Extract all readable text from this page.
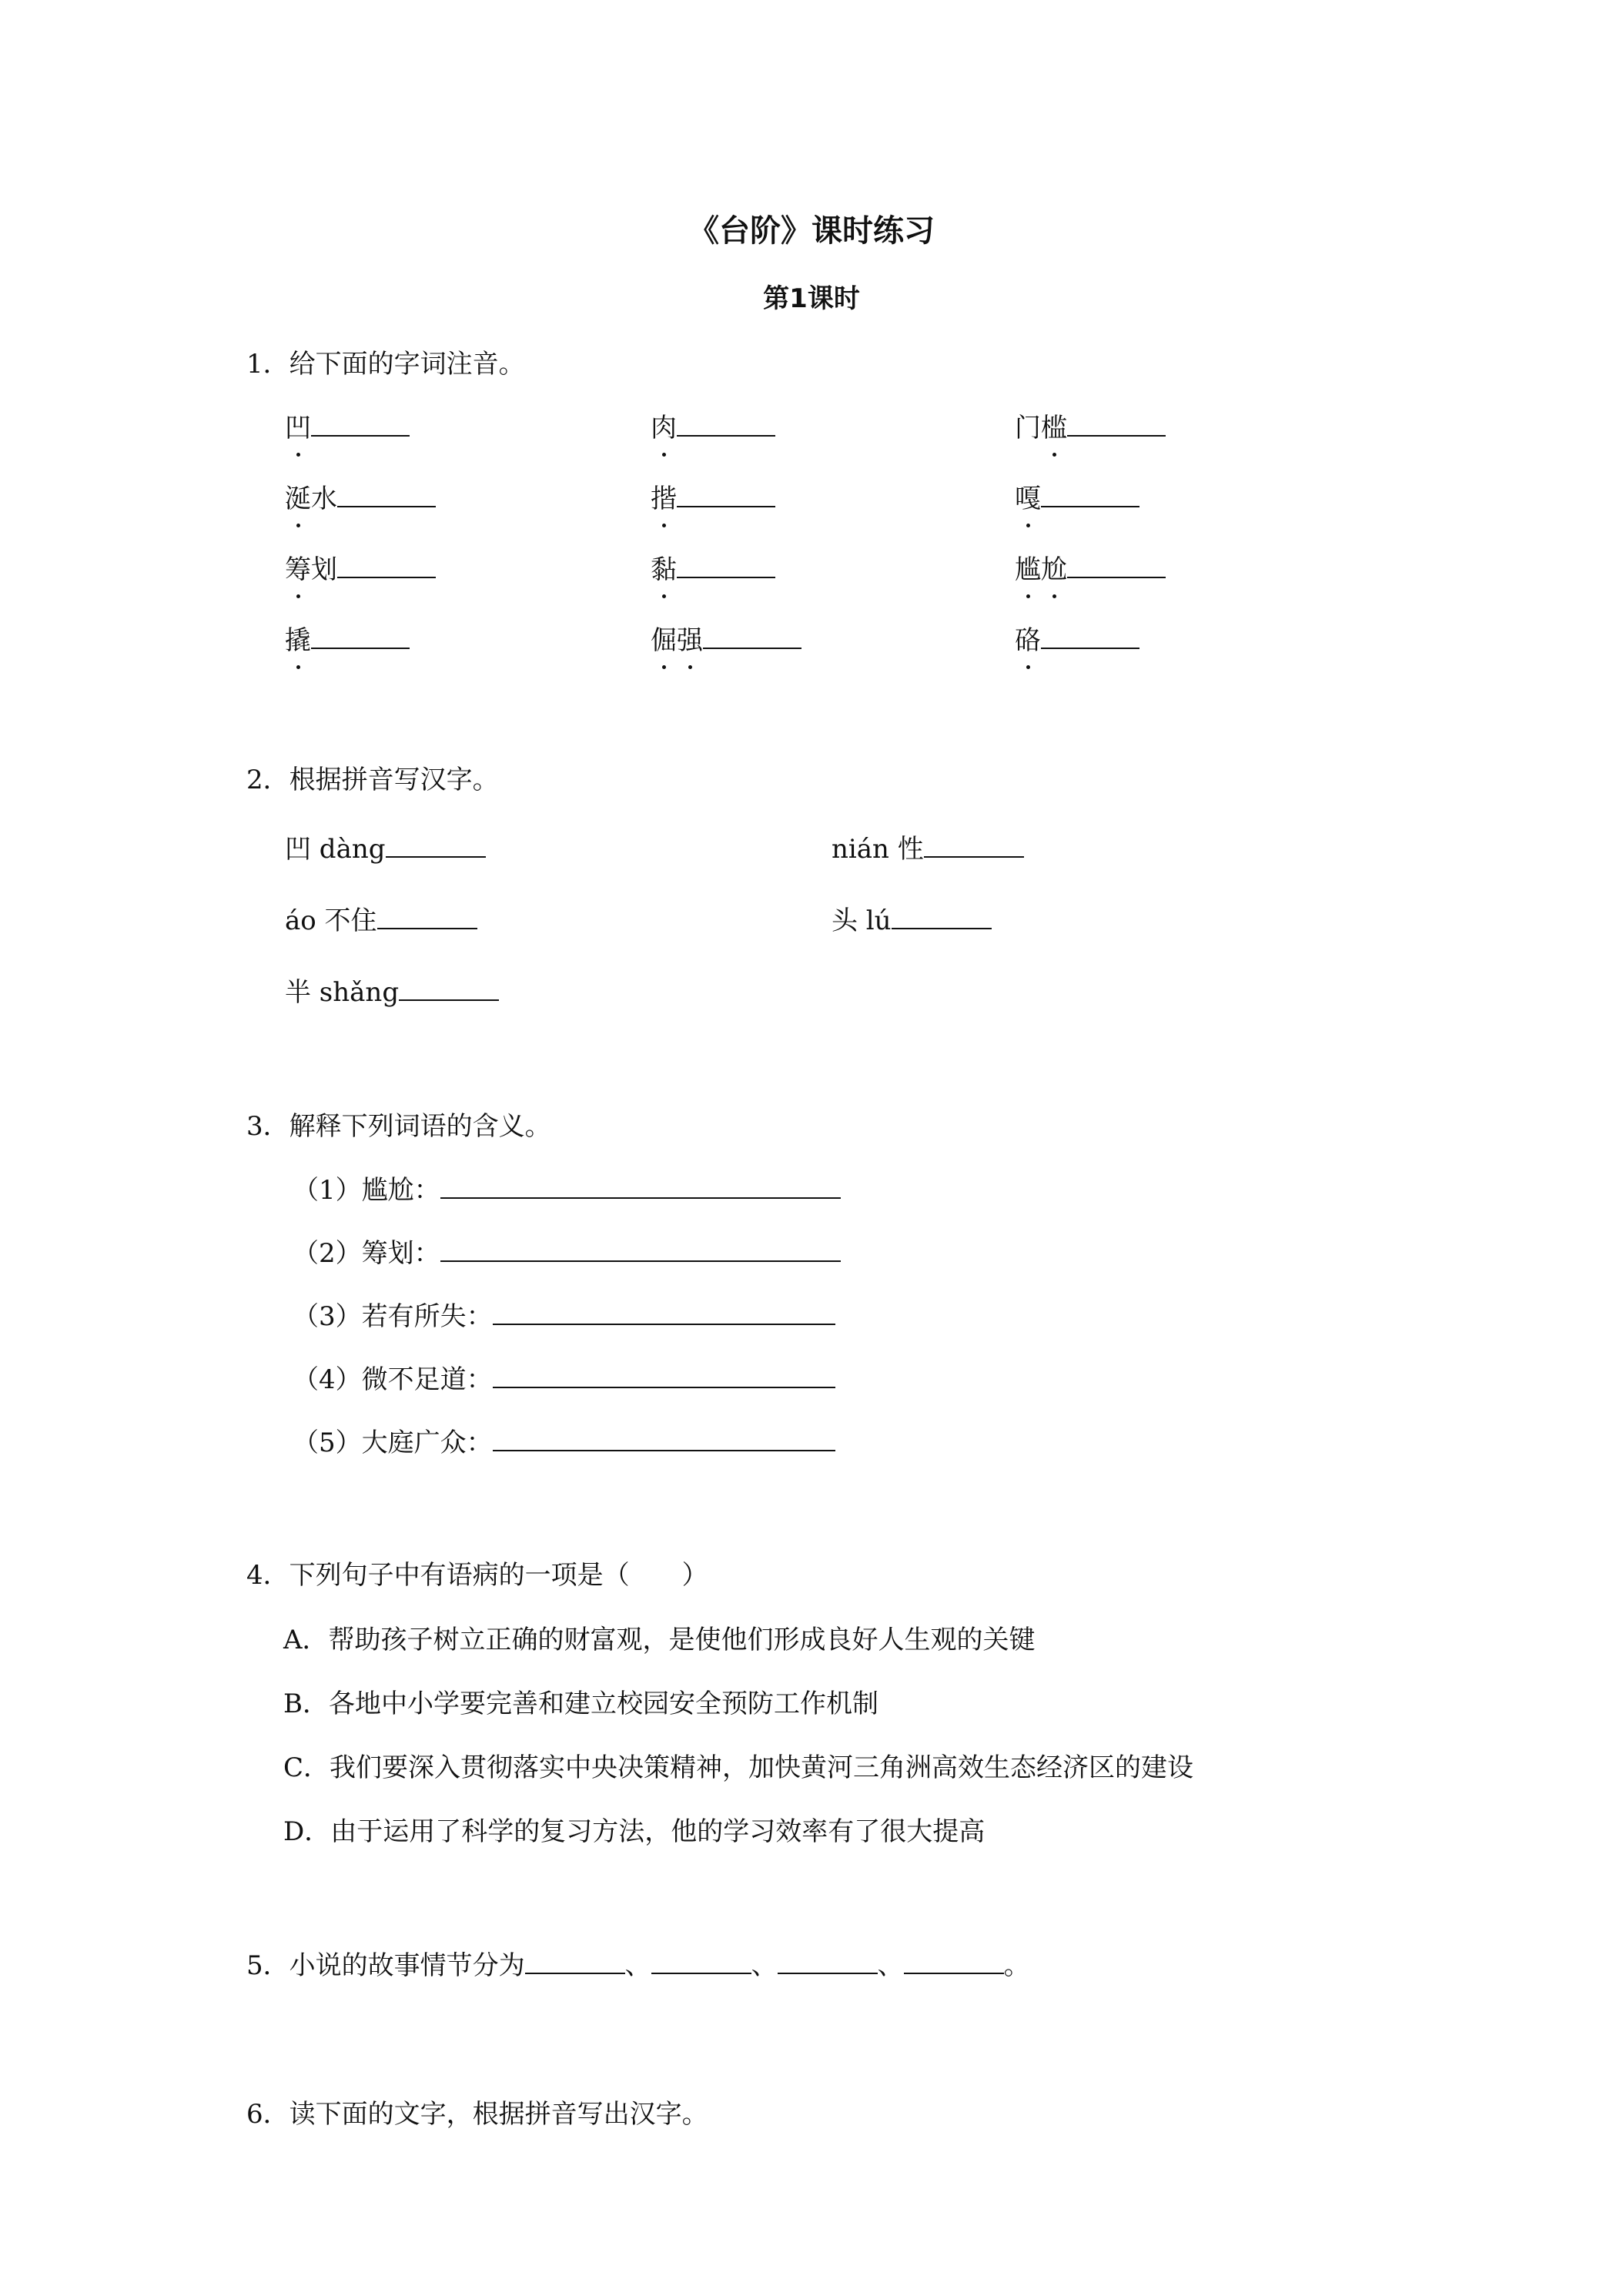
《台阶》课时练习
第1课时
1．给下面的字词注音。
凹	肉	门槛
涎水	揩	嘎
筹划	黏	尴尬
撬	倔强	硌
2．根据拼音写汉字。
凹 dàng	nián 性
áo 不住	头 lú
半 shǎng
3．解释下列词语的含义。
（1）尴尬：
（2）筹划：
（3）若有所失：
（4）微不足道：
（5）大庭广众：
4．下列句子中有语病的一项是（　　）
A．帮助孩子树立正确的财富观，是使他们形成良好人生观的关键
B．各地中小学要完善和建立校园安全预防工作机制
C．我们要深入贯彻落实中央决策精神，加快黄河三角洲高效生态经济区的建设
D．由于运用了科学的复习方法，他的学习效率有了很大提高
5．小说的故事情节分为	、	、	、	。
6．读下面的文字，根据拼音写出汉字。
